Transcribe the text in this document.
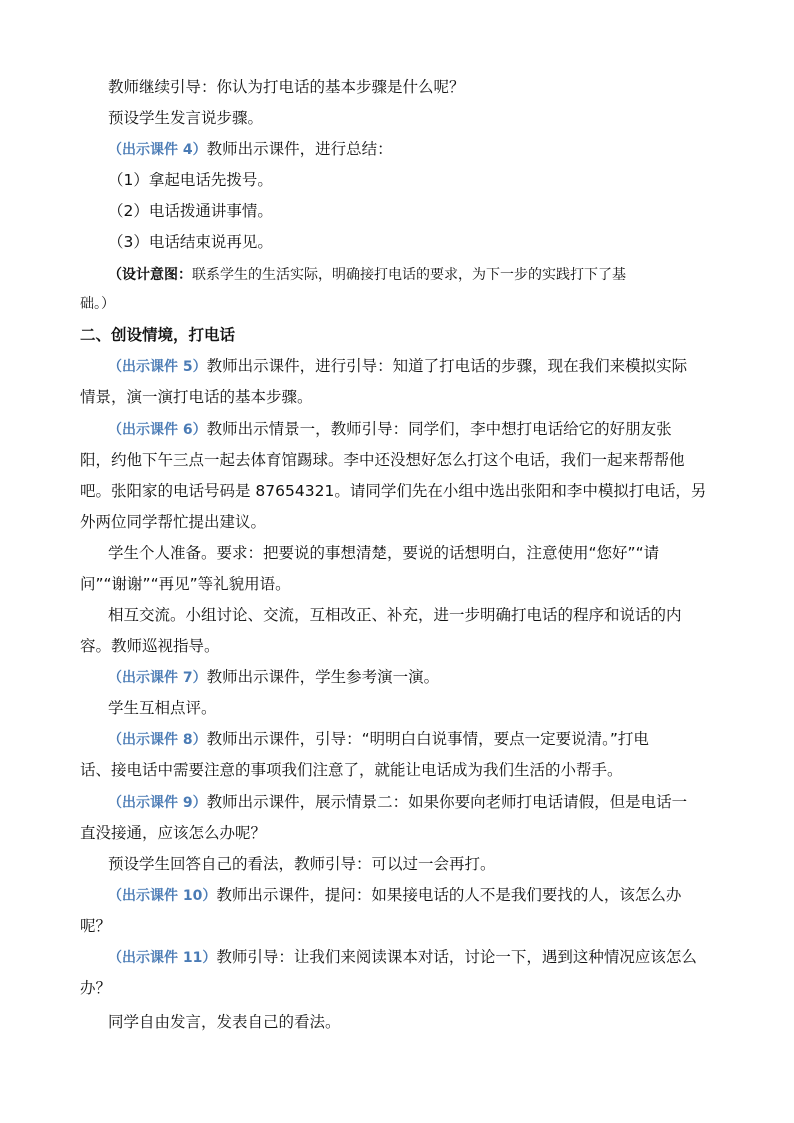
教师继续引导：你认为打电话的基本步骤是什么呢？
预设学生发言说步骤。
（出示课件 4）教师出示课件，进行总结：
（1）拿起电话先拨号。
（2）电话拨通讲事情。
（3）电话结束说再见。
（设计意图：联系学生的生活实际，明确接打电话的要求，为下一步的实践打下了基
础。）
二、创设情境，打电话
（出示课件 5）教师出示课件，进行引导：知道了打电话的步骤，现在我们来模拟实际
情景，演一演打电话的基本步骤。
（出示课件 6）教师出示情景一，教师引导：同学们，李中想打电话给它的好朋友张
阳，约他下午三点一起去体育馆踢球。李中还没想好怎么打这个电话，我们一起来帮帮他
吧。张阳家的电话号码是 87654321。请同学们先在小组中选出张阳和李中模拟打电话，另
外两位同学帮忙提出建议。
学生个人准备。要求：把要说的事想清楚，要说的话想明白，注意使用“您好”“请
问”“谢谢”“再见”等礼貌用语。
相互交流。小组讨论、交流，互相改正、补充，进一步明确打电话的程序和说话的内
容。教师巡视指导。
（出示课件 7）教师出示课件，学生参考演一演。
学生互相点评。
（出示课件 8）教师出示课件，引导：“明明白白说事情，要点一定要说清。”打电
话、接电话中需要注意的事项我们注意了，就能让电话成为我们生活的小帮手。
（出示课件 9）教师出示课件，展示情景二：如果你要向老师打电话请假，但是电话一
直没接通，应该怎么办呢？
预设学生回答自己的看法，教师引导：可以过一会再打。
（出示课件 10）教师出示课件，提问：如果接电话的人不是我们要找的人，该怎么办
呢？
（出示课件 11）教师引导：让我们来阅读课本对话，讨论一下，遇到这种情况应该怎么
办？
同学自由发言，发表自己的看法。
